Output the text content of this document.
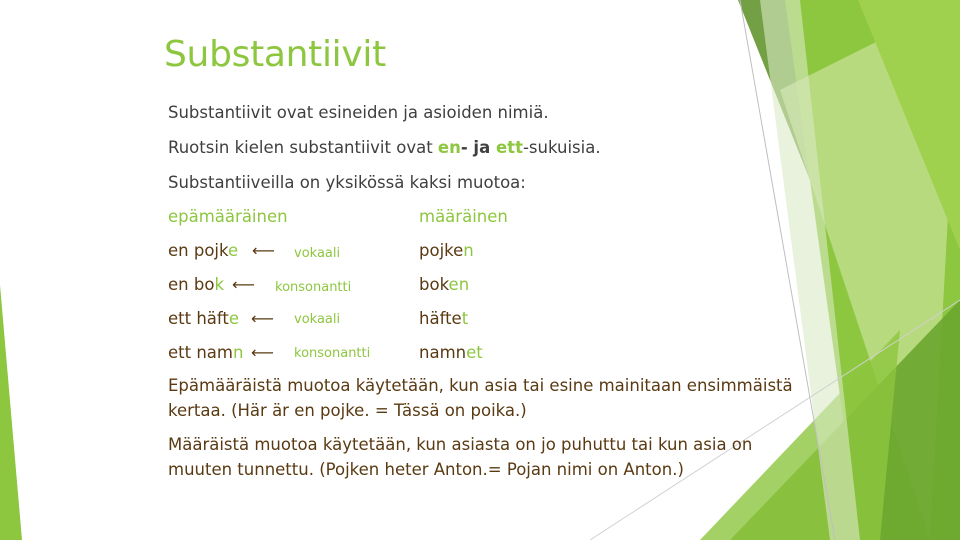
Substantiivit
Substantiivit ovat esineiden ja asioiden nimiä.
Ruotsin kielen substantiivit ovat en- ja ett-sukuisia.
Substantiiveilla on yksikössä kaksi muotoa:
epämääräinen	määräinen
en pojke ⟵ vokaali	pojken
en bok ⟵ konsonantti	boken
ett häfte ⟵ vokaali	häftet
ett namn ⟵ konsonantti	namnet
Epämääräistä muotoa käytetään, kun asia tai esine mainitaan ensimmäistä kertaa. (Här är en pojke. = Tässä on poika.)
Määräistä muotoa käytetään, kun asiasta on jo puhuttu tai kun asia on muuten tunnettu. (Pojken heter Anton.= Pojan nimi on Anton.)
